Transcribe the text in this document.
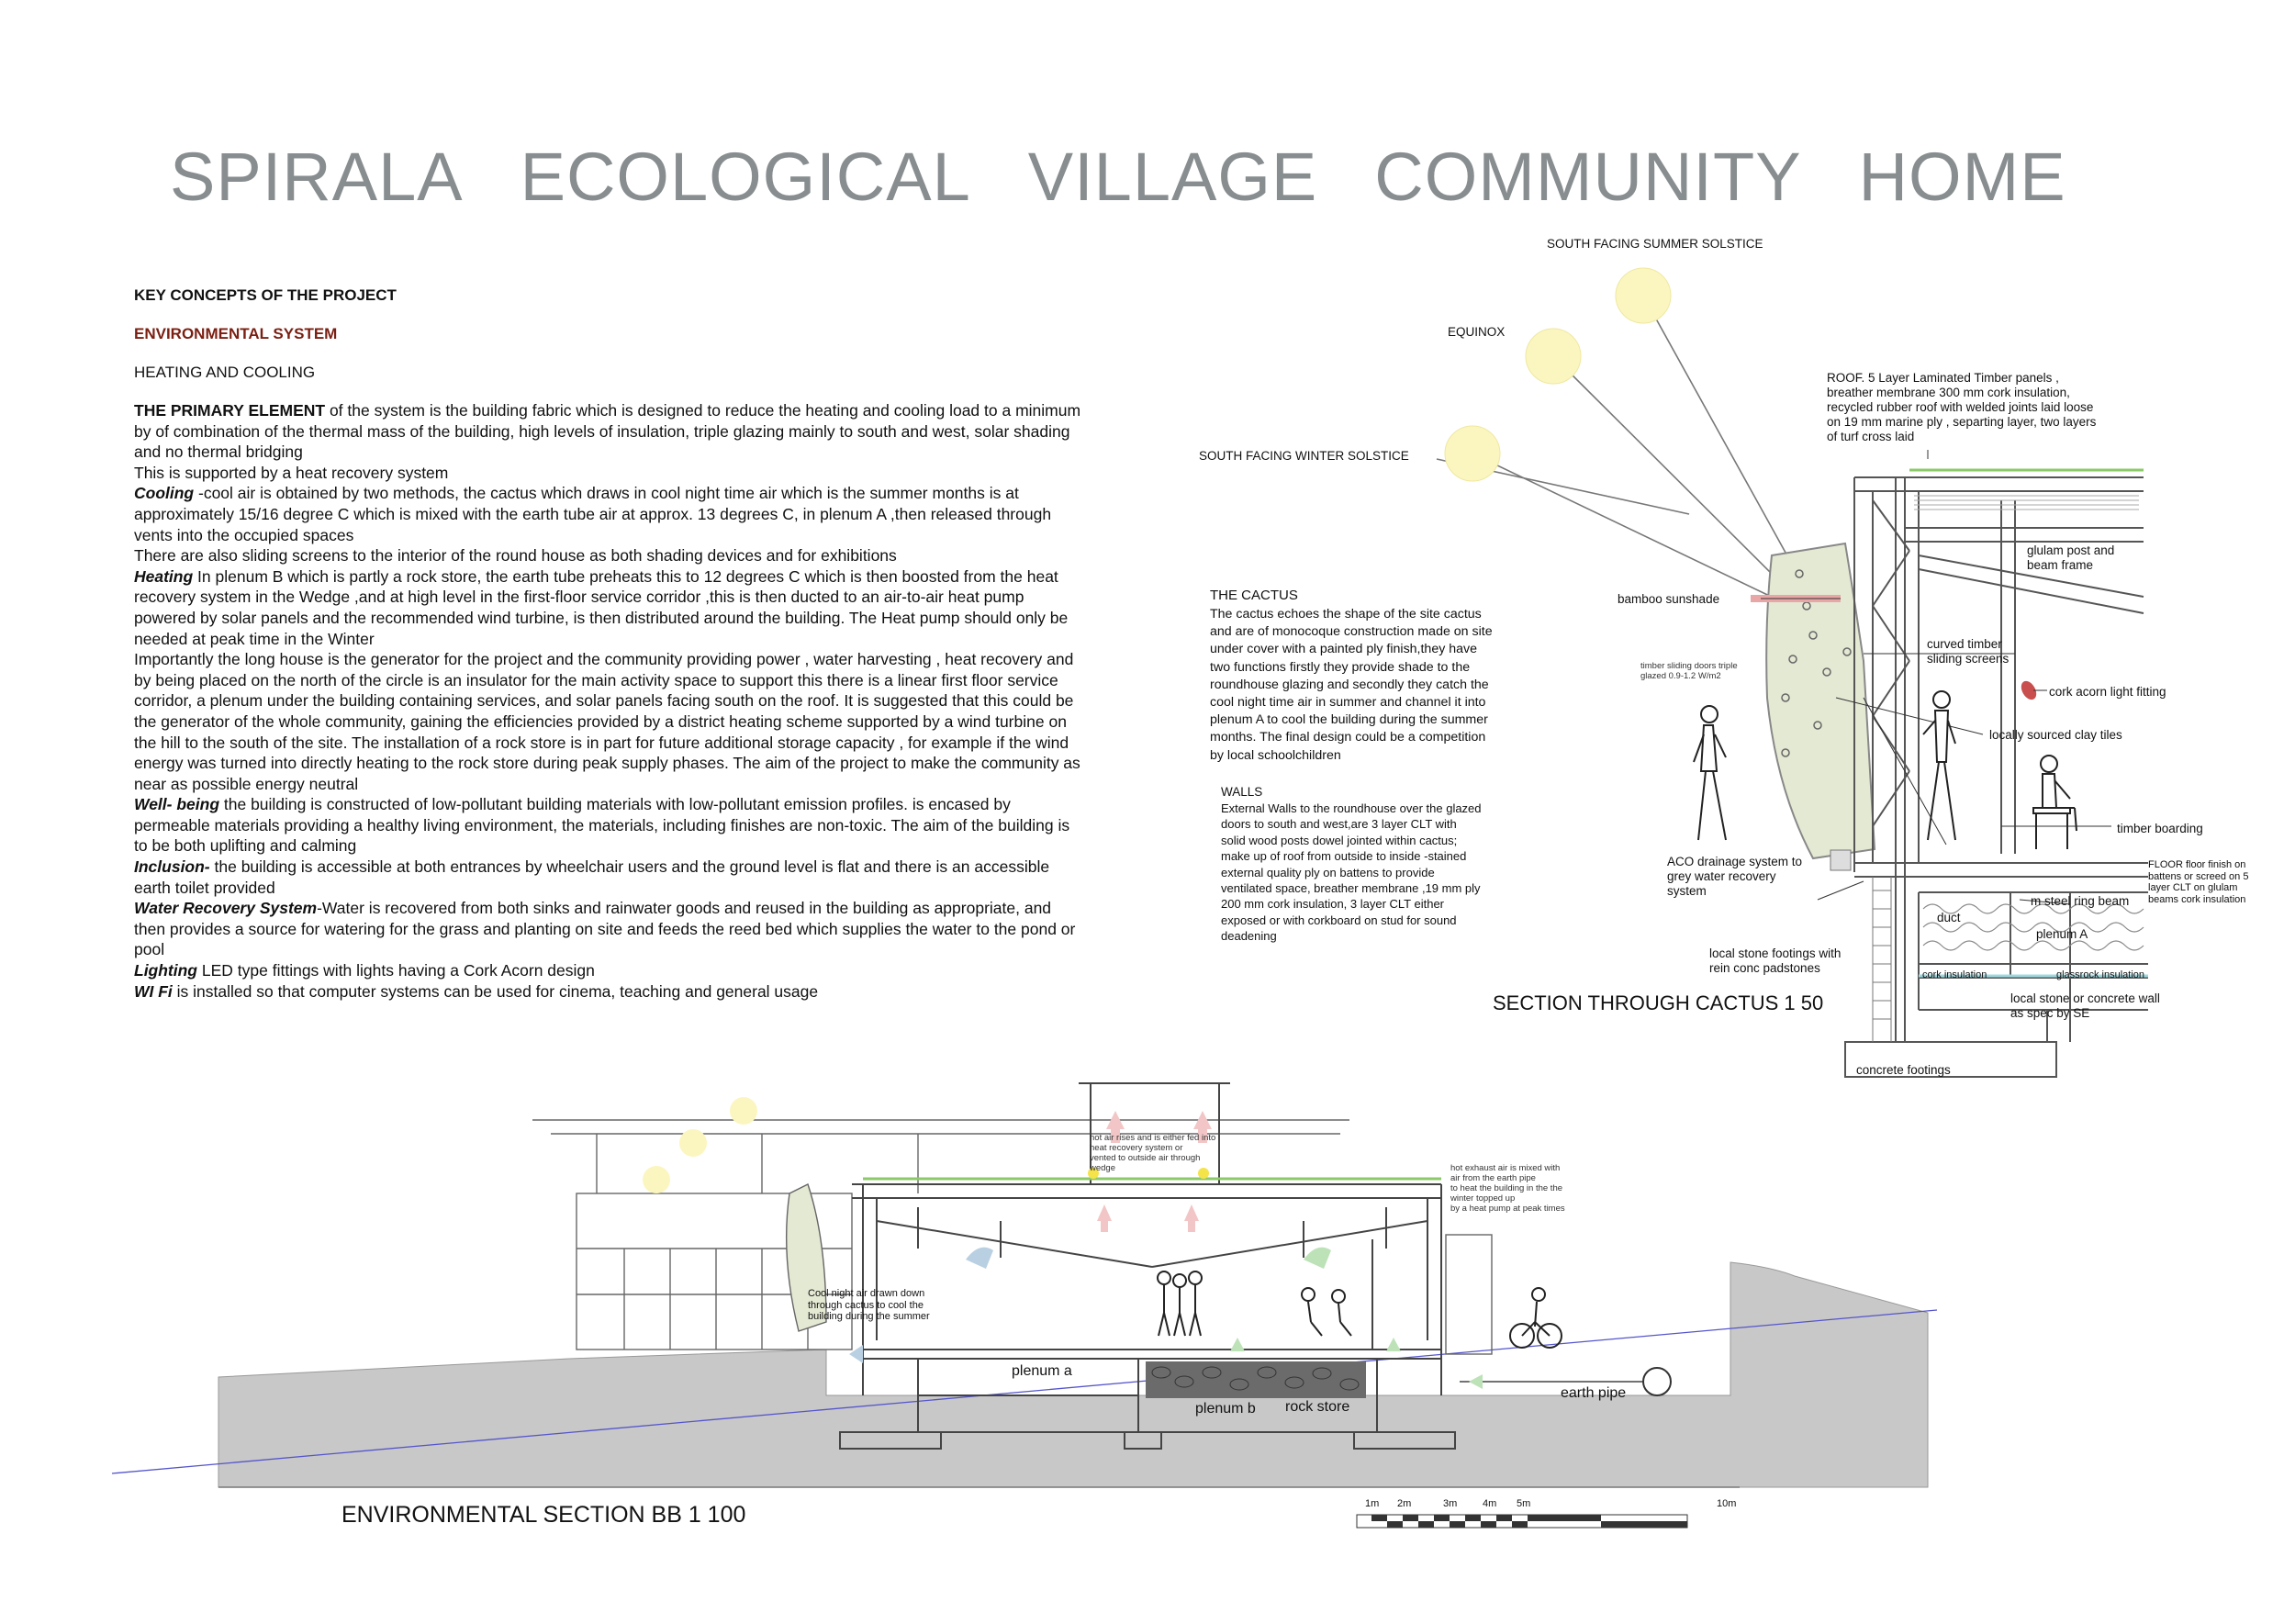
SPIRALA ECOLOGICAL VILLAGE COMMUNITY HOME
KEY CONCEPTS OF THE PROJECT
ENVIRONMENTAL SYSTEM
HEATING AND COOLING

THE PRIMARY ELEMENT of the system is the building fabric which is designed to reduce the heating and cooling load to a minimum by of combination of the thermal mass of the building, high levels of insulation, triple glazing mainly to south and west, solar shading and no thermal bridging

This is supported by a heat recovery system

Cooling -cool air is obtained by two methods, the cactus which draws in cool night time air which is the summer months is at approximately 15/16 degree C which is mixed with the earth tube air at approx. 13 degrees C, in plenum A ,then released through vents into the occupied spaces

There are also sliding screens to the interior of the round house as both shading devices and for exhibitions

Heating In plenum B which is partly a rock store, the earth tube preheats this to 12 degrees C which is then boosted from the heat recovery system in the Wedge ,and at high level in the first-floor service corridor ,this is then ducted to an air-to-air heat pump powered by solar panels and the recommended wind turbine, is then distributed around the building. The Heat pump should only be needed at peak time in the Winter

Importantly the long house is the generator for the project and the community providing power , water harvesting , heat recovery and by being placed on the north of the circle is an insulator for the main activity space to support this there is a linear first floor service corridor, a plenum under the building containing services, and solar panels facing south on the roof. It is suggested that this could be the generator of the whole community, gaining the efficiencies provided by a district heating scheme supported by a wind turbine on the hill to the south of the site. The installation of a rock store is in part for future additional storage capacity , for example if the wind energy was turned into directly heating to the rock store during peak supply phases. The aim of the project to make the community as near as possible energy neutral

Well- being the building is constructed of low-pollutant building materials with low-pollutant emission profiles. is encased by permeable materials providing a healthy living environment, the materials, including finishes are non-toxic. The aim of the building is to be both uplifting and calming

Inclusion- the building is accessible at both entrances by wheelchair users and the ground level is flat and there is an accessible earth toilet provided

Water Recovery System-Water is recovered from both sinks and rainwater goods and reused in the building as appropriate, and then provides a source for watering for the grass and planting on site and feeds the reed bed which supplies the water to the pond or pool

Lighting LED type fittings with lights having a Cork Acorn design

WI Fi is installed so that computer systems can be used for cinema, teaching and general usage

SOUTH FACING SUMMER SOLSTICE
EQUINOX
SOUTH FACING WINTER SOLSTICE
ROOF. 5 Layer Laminated Timber panels ,
breather membrane 300 mm cork insulation,
recycled rubber roof with welded joints laid loose
on 19 mm marine ply , separting layer, two layers
of turf cross laid
glulam post and
beam frame
bamboo sunshade
curved timber
sliding screens
cork acorn light fitting
locally sourced clay tiles
timber sliding doors triple
glazed 0.9-1.2 W/m2
timber boarding
FLOOR floor finish on
battens or screed on 5
layer CLT on glulam
beams cork insulation
ACO drainage system to
grey water recovery
system
m steel ring beam
duct
plenum A
local stone footings with
rein conc padstones	cork insulation	glassrock insulation
local stone or concrete wall
as spec by SE
concrete footings
THE CACTUS
The cactus echoes the shape of the site cactus
and are of monocoque construction made on site
under cover with a painted ply finish,they have
two functions firstly they provide shade to the
roundhouse glazing and secondly they catch the
cool night time air in summer and channel it into
plenum A to cool the building during the summer
months. The final design could be a competition
by local schoolchildren
WALLS
External Walls to the roundhouse over the glazed
doors to south and west,are 3 layer CLT with
solid wood posts dowel jointed within cactus;
make up of roof from outside to inside -stained
external quality ply on battens to provide
ventilated space, breather membrane ,19 mm ply
200 mm cork insulation, 3 layer CLT either
exposed or with corkboard on stud for sound
deadening
SECTION THROUGH CACTUS 1 50
hot air rises and is either fed into
heat recovery system or
vented to outside air through
wedge	hot exhaust air is mixed with
air from the earth pipe
to heat the building in the the
winter topped up
by a heat pump at peak times
Cool night air drawn down
through cactus to cool the
building during the summer
plenum a
plenum b rock store
earth pipe
ENVIRONMENTAL SECTION BB 1 100	1m 2m	3m	4m 5m	10m
